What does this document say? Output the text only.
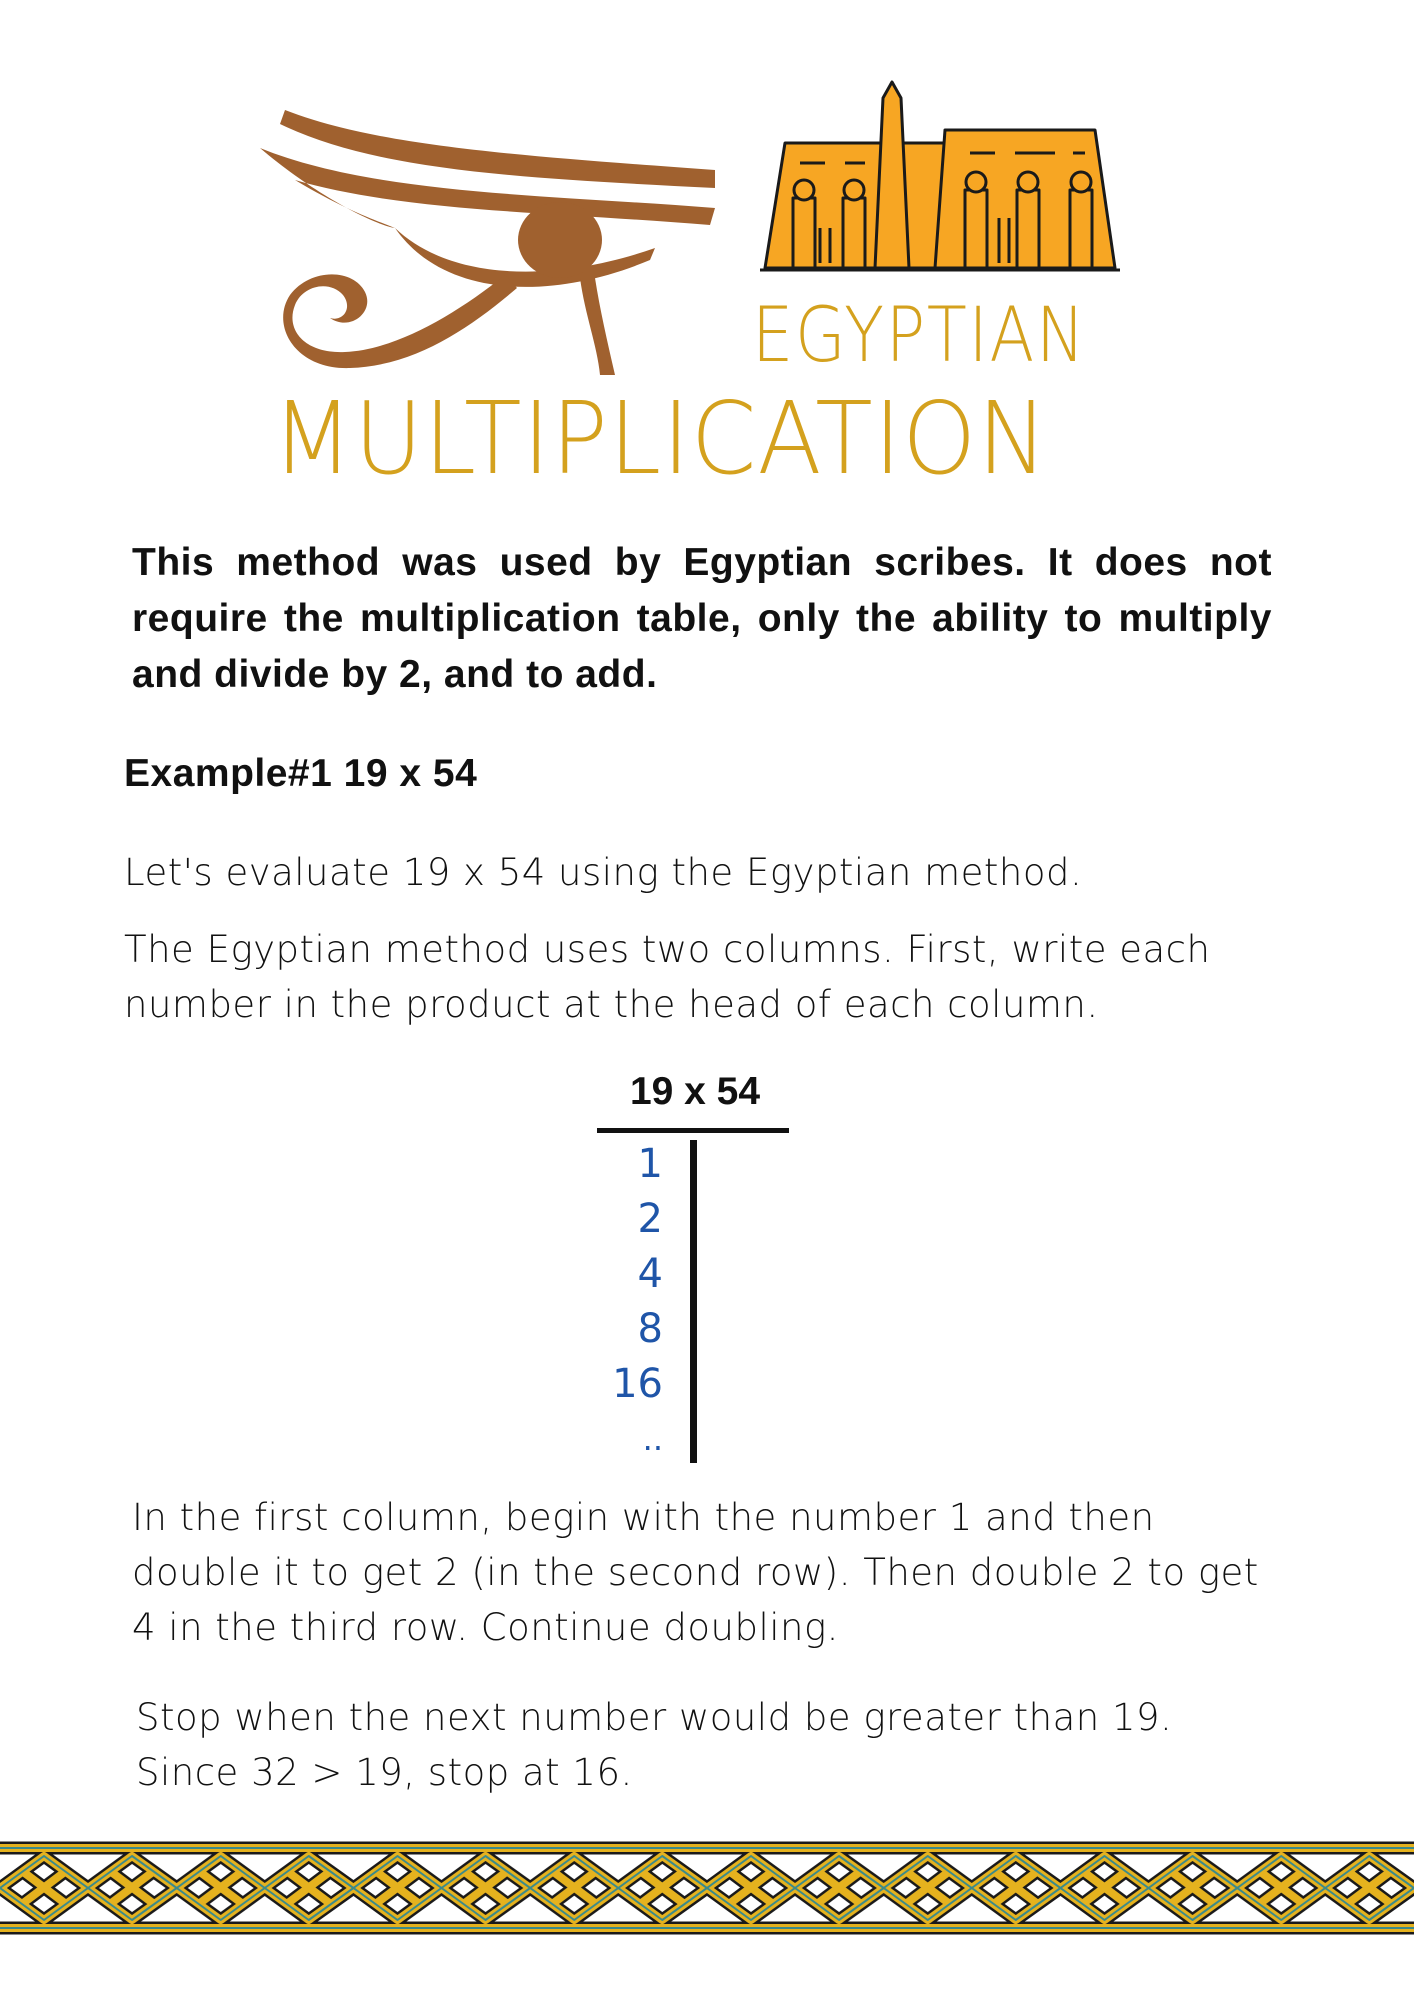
EGYPTIAN
MULTIPLICATION
This method was used by Egyptian scribes. It does not require the multiplication table, only the ability to multiply and divide by 2, and to add.
Example#1 19 x 54
Let's evaluate 19 x 54 using the Egyptian method.
The Egyptian method uses two columns. First, write each number in the product at the head of each column.
19 x 54
1
2
4
8
16
..
In the first column, begin with the number 1 and then double it to get 2 (in the second row). Then double 2 to get 4 in the third row. Continue doubling.
Stop when the next number would be greater than 19. Since 32 > 19, stop at 16.
